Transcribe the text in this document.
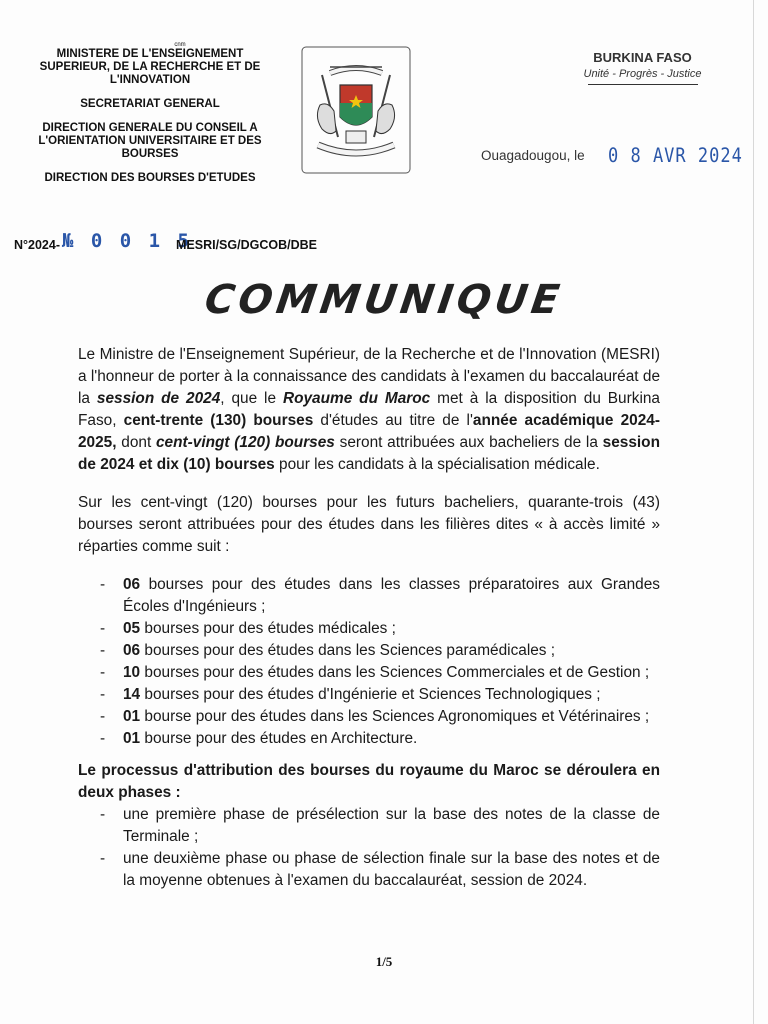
cnm
MINISTERE DE L'ENSEIGNEMENT SUPERIEUR, DE LA RECHERCHE ET DE L'INNOVATION
SECRETARIAT GENERAL
DIRECTION GENERALE DU CONSEIL A L'ORIENTATION UNIVERSITAIRE ET DES BOURSES
DIRECTION DES BOURSES D'ETUDES
BURKINA FASO
Unité - Progrès - Justice
Ouagadougou, le 0 8 AVR 2024
N°2024- № 0 0 1 5
MESRI/SG/DGCOB/DBE
COMMUNIQUE

Le Ministre de l'Enseignement Supérieur, de la Recherche et de l'Innovation (MESRI) a l'honneur de porter à la connaissance des candidats à l'examen du baccalauréat de la session de 2024, que le Royaume du Maroc met à la disposition du Burkina Faso, cent-trente (130) bourses d'études au titre de l'année académique 2024-2025, dont cent-vingt (120) bourses seront attribuées aux bacheliers de la session de 2024 et dix (10) bourses pour les candidats à la spécialisation médicale.

Sur les cent-vingt (120) bourses pour les futurs bacheliers, quarante-trois (43) bourses seront attribuées pour des études dans les filières dites « à accès limité » réparties comme suit :

- 06 bourses pour des études dans les classes préparatoires aux Grandes Écoles d'Ingénieurs ;
- 05 bourses pour des études médicales ;
- 06 bourses pour des études dans les Sciences paramédicales ;
- 10 bourses pour des études dans les Sciences Commerciales et de Gestion ;
- 14 bourses pour des études d'Ingénierie et Sciences Technologiques ;
- 01 bourse pour des études dans les Sciences Agronomiques et Vétérinaires ;
- 01 bourse pour des études en Architecture.

Le processus d'attribution des bourses du royaume du Maroc se déroulera en deux phases :

- une première phase de présélection sur la base des notes de la classe de Terminale ;
- une deuxième phase ou phase de sélection finale sur la base des notes et de la moyenne obtenues à l'examen du baccalauréat, session de 2024.
1/5
